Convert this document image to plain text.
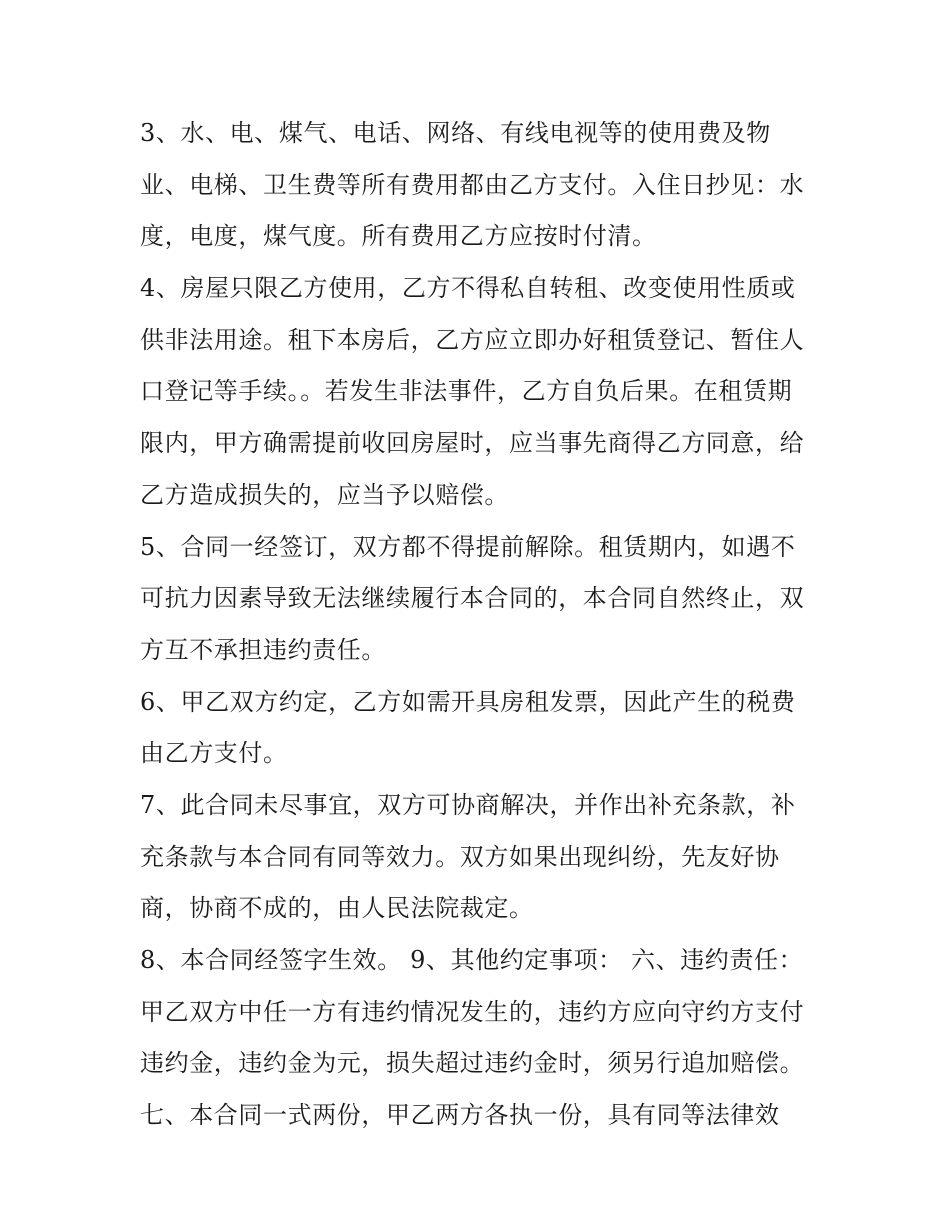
3、水、电、煤气、电话、网络、有线电视等的使用费及物
业、电梯、卫生费等所有费用都由乙方支付。入住日抄见：水
度，电度，煤气度。所有费用乙方应按时付清。
4、房屋只限乙方使用，乙方不得私自转租、改变使用性质或
供非法用途。租下本房后，乙方应立即办好租赁登记、暂住人
口登记等手续。。若发生非法事件，乙方自负后果。在租赁期
限内，甲方确需提前收回房屋时，应当事先商得乙方同意，给
乙方造成损失的，应当予以赔偿。
5、合同一经签订，双方都不得提前解除。租赁期内，如遇不
可抗力因素导致无法继续履行本合同的，本合同自然终止，双
方互不承担违约责任。
6、甲乙双方约定，乙方如需开具房租发票，因此产生的税费
由乙方支付。
7、此合同未尽事宜，双方可协商解决，并作出补充条款，补
充条款与本合同有同等效力。双方如果出现纠纷，先友好协
商，协商不成的，由人民法院裁定。
8、本合同经签字生效。 9、其他约定事项： 六、违约责任：
甲乙双方中任一方有违约情况发生的，违约方应向守约方支付
违约金，违约金为元，损失超过违约金时，须另行追加赔偿。
七、本合同一式两份，甲乙两方各执一份，具有同等法律效
